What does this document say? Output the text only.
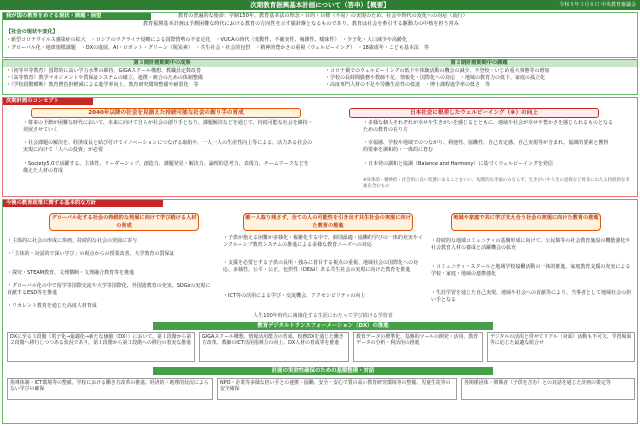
次期教育振興基本計画について（答申）【概要】	令和５年３月８日 中央教育審議会
我が国の教育をめぐる現状・課題・展望	教育の普遍的な使命：学制150年、教育基本法の理念・目的・目標（不易）の実現のため、社会や時代の変化への対応（流行）
教育振興基本計画は予測困難な時代における教育の方向性を示す羅針盤となるものであり、教育は社会を牽引する駆動力の中核を担う営み
【社会の現状や変化】
・新型コロナウイルス感染症の拡大　・ロシアのウクライナ侵略による国際情勢の不安定化　・VUCAの時代（変動性、不確実性、複雑性、曖昧性）　・少子化・人口減少や高齢化
・グローバル化・地球規模課題　・DXの進展、AI・ロボット・グリーン（脱炭素）　・共生社会・社会的包摂　・精神的豊かさの重視（ウェルビーイング）　・18歳成年・こども基本法　等
第３期計画期間中の成果	第３期計画期間中の課題
・（初等中等教育）国際的に高い学力水準の維持、GIGAスクール構想、教職員定数改善
・（高等教育）教学マネジメントや質保証システムの確立、連携・統合のための体制整備
・（学校段階横断）教育費負担軽減による進学率向上、教育研究環境整備や耐震化　等
・コロナ禍でのウェルビーイングの低下や体験活動の機会の減少、不登校・いじめ重大事態等の増加
・学校の長時間勤務や教師不足、情報化・国際化への対応　・地域の教育力の低下、家庭の孤立化
・高度専門人材の不足や労働生産性の低迷　・博士課程進学率の低さ　等
次期計画のコンセプト
2040年以降の社会を見据えた持続可能な社会の創り手の育成
・将来の予測が困難な時代において、未来に向けて自らが社会の創り手となり、課題解決などを通じて、持続可能な社会を維持・発展させていく
・社会課題の解決を、経済成長と結び付けてイノベーションにつなげる取組や、一人一人の生産性向上等による、活力ある社会の実現に向けて「人への投資」が必要
・Society5.0で活躍する、主体性、リーダーシップ、創造力、課題発見・解決力、論理的思考力、表現力、チームワークなどを備えた人材の育成
日本社会に根差したウェルビーイング（※）の向上
・多様な個人それぞれが幸せや生きがいを感じるとともに、地域や社会が幸せや豊かさを感じられるものとなるための教育の在り方
・幸福感、学校や地域でのつながり、利他性、協働性、自己肯定感、自己実現等が含まれ、協調的要素と獲得的要素を調和的・一体的に育む
・日本発の調和と協調（Balance and Harmony）に基づくウェルビーイングを発信
※身体的・精神的・社会的に良い状態にあることをいい、短期的な幸福のみならず、生きがいや人生の意義など将来にわたる持続的な幸福を含むもの
今後の教育政策に関する基本的な方針
グローバル化する社会の持続的な発展に向けて学び続ける人材の育成
・主体的に社会の形成に参画、持続的な社会の発展に寄与
・「主体的・対話的で深い学び」の視点からの授業改善、大学教育の質保証
・探究・STEAM教育、文理横断・文理融合教育等を推進
・グローバル化の中で留学等国際交流や大学等国際化、外国語教育の充実、SDGsの実現に貢献するESD等を推進
・リカレント教育を通じた高度人材育成
誰一人取り残さず、全ての人の可能性を引き出す共生社会の実現に向けた教育の推進
・子供が抱える困難が多様化・複雑化する中で、個別最適・協働的学びの一体的充実やインクルーシブ教育システムの推進による多様な教育ニーズへの対応
・支援を必要とする子供の長所・強みに着目する視点の重視、地域社会の国際化への対応、多様性、公平・公正、包摂性（DE&I）ある共生社会の実現に向けた教育を推進
・ICT等の活用による学び・交流機会、アクセシビリティの向上
地域や家庭で共に学び支え合う社会の実現に向けた教育の推進
・持続的な地域コミュニティの基盤形成に向けて、公民館等の社会教育施設の機能強化や社会教育人材の養成と活躍機会の拡充
・コミュニティ・スクールと地域学校協働活動の一体的推進、家庭教育支援の充実による学校・家庭・地域の連携強化
・生涯学習を通じた自己実現、地域や社会への貢献等により、当事者として地域社会の担い手となる
人生100年時代に複線化する生涯にわたって学び続ける学習者
教育デジタルトランスフォーメーション（DX）の推進
DXに至る３段階（電子化→最適化→新たな価値（DX））において、第１段階から第２段階へ移行しつつある状況であり、第１段階から第３段階への移行の着実な推進
GIGAスクール構想、情報活用能力の育成、校務DXを通じた働き方改革、教師のICT活用指導力の向上、DX人材の育成等を推進
教育データの標準化、基盤的ツールの開発・活用、教育データの分析・利活用の推進
デジタルの活用と併せてリアル（対面）活動も不可欠、学習場面等に応じた最適な組合せ
計画の実効性確保のための基盤整備・対話
指導体制・ICT環境等の整備、学校における働き方改革の推進、経済的・地理的状況によらない学びの確保
NPO・企業等多様な担い手との連携・協働、安全・安心で質の高い教育研究環境等の整備、児童生徒等の安全確保
各関係団体・関係者（子供を含む）との対話を通じた計画の策定等
